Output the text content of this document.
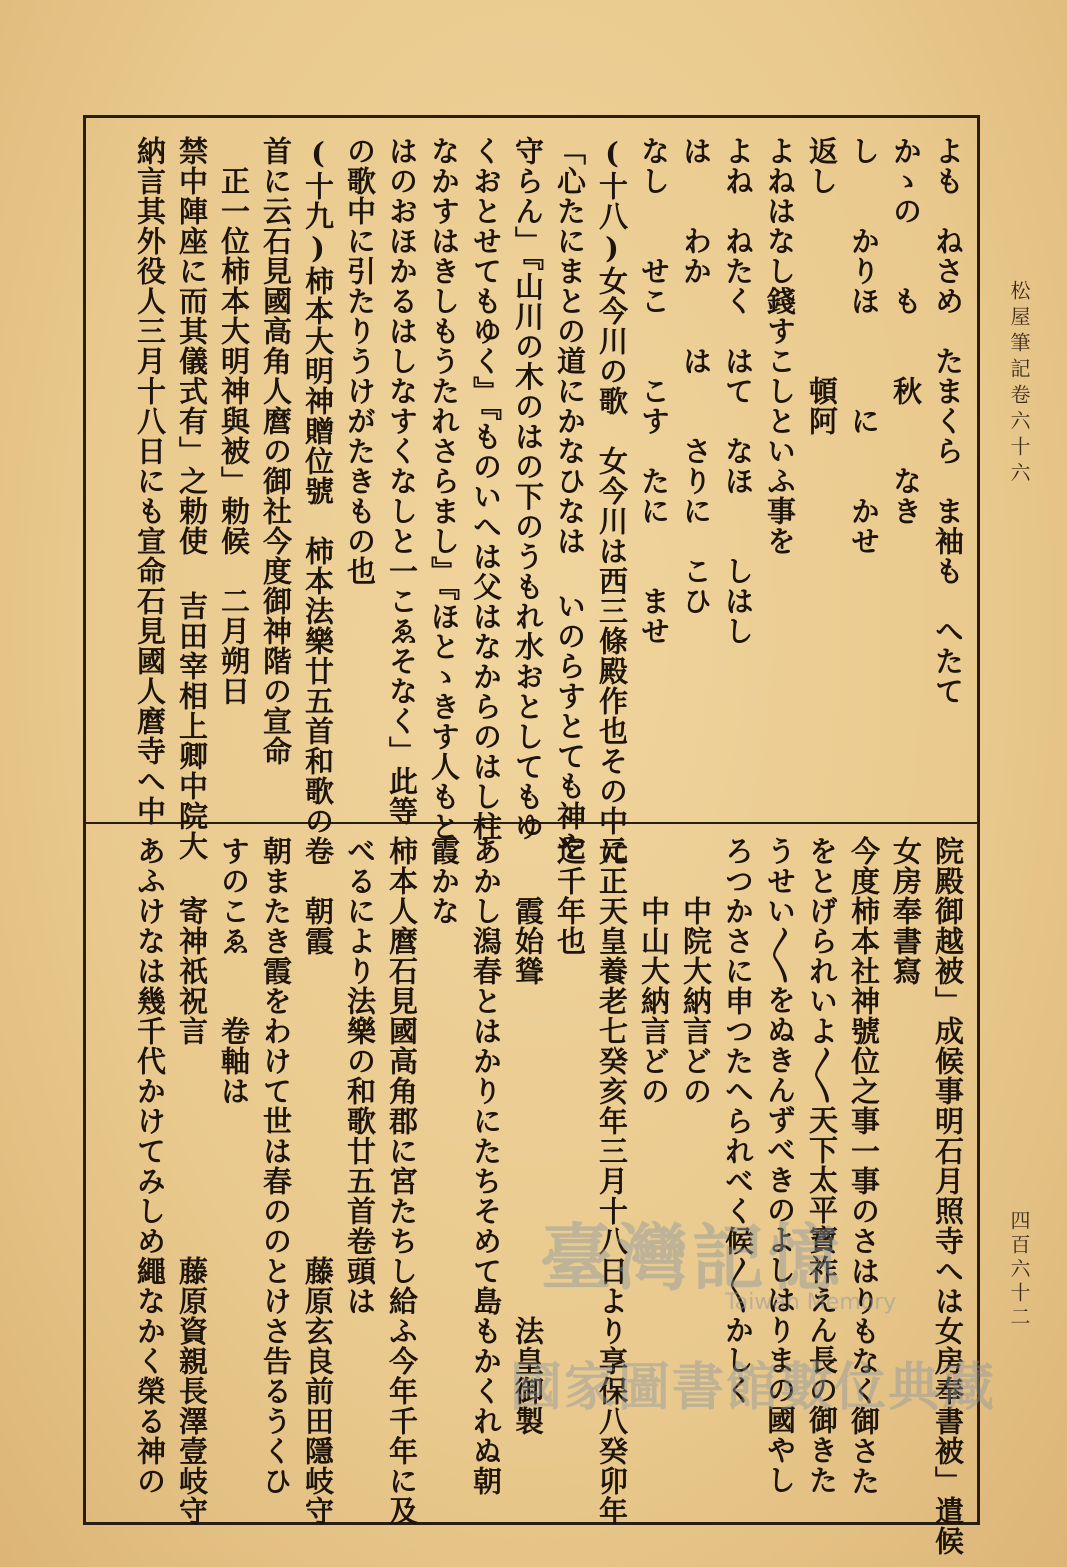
松屋筆記卷六十六
四百六十二
よも　ねさめ　たまくら　ま袖も　へたて
かゝの　　も　　秋　　なき
し　　かりほ　　　に　　かせ
返し　　　　　　頓阿
よねはなし錢すこしといふ事を
よね　ねたく　はて　なほ　　しはし
は　　わか　　は　　さりに　こひ
なし　　せこ　　こす　たに　　ませ
(十八)女今川の歌　女今川は西三條殿作也その中に
「心たにまとの道にかなひなは いのらすとても神や
守らん」『山川の木のはの下のうもれ水おとしてもゆ
くおとせてもゆく』『ものいへは父はなからのはし柱
なかすはきしもうたれさらまし』『ほとゝきす人もと
はのおほかるはしなすくなしと一こゑそなく」此等
の歌中に引たりうけがたきもの也
(十九)柿本大明神贈位號　柿本法樂廿五首和歌の卷
首に云石見國高角人麿の御社今度御神階の宣命
　正一位柿本大明神與被」勅候　二月朔日
禁中陣座に而其儀式有」之勅使 吉田宰相上卿中院大
納言其外役人三月十八日にも宣命石見國人麿寺へ中
院殿御越被」成候事明石月照寺へは女房奉書被」遣候
女房奉書寫
今度柿本社神號位之事一事のさはりもなく御さた
をとげられいよ〳〵天下太平寶祚えん長の御きた
うせい〳〵をぬきんずべきのよしはりまの國やし
ろつかさに申つたへられべく候〳〵かしく
　　中院大納言どの
　　中山大納言どの
元正天皇養老七癸亥年三月十八日より享保八癸卯年
迄千年也
　　霞始聳　　　　　　　　　　　法皇御製
あかし潟春とはかりにたちそめて島もかくれぬ朝
霞かな
柿本人麿石見國高角郡に宮たちし給ふ今年千年に及
べるにより法樂の和歌廿五首卷頭は
　　朝霞　　　　　　　　　　藤原玄良前田隱岐守
朝またき霞をわけて世は春ののとけさ告るうくひ
すのこゑ　　卷軸は
　　寄神祇祝言　　　　　　　藤原資親長澤壹岐守
あふけなは幾千代かけてみしめ繩なかく榮る神の	臺灣記憶
Taiwan Memory
國家圖書館數位典藏
